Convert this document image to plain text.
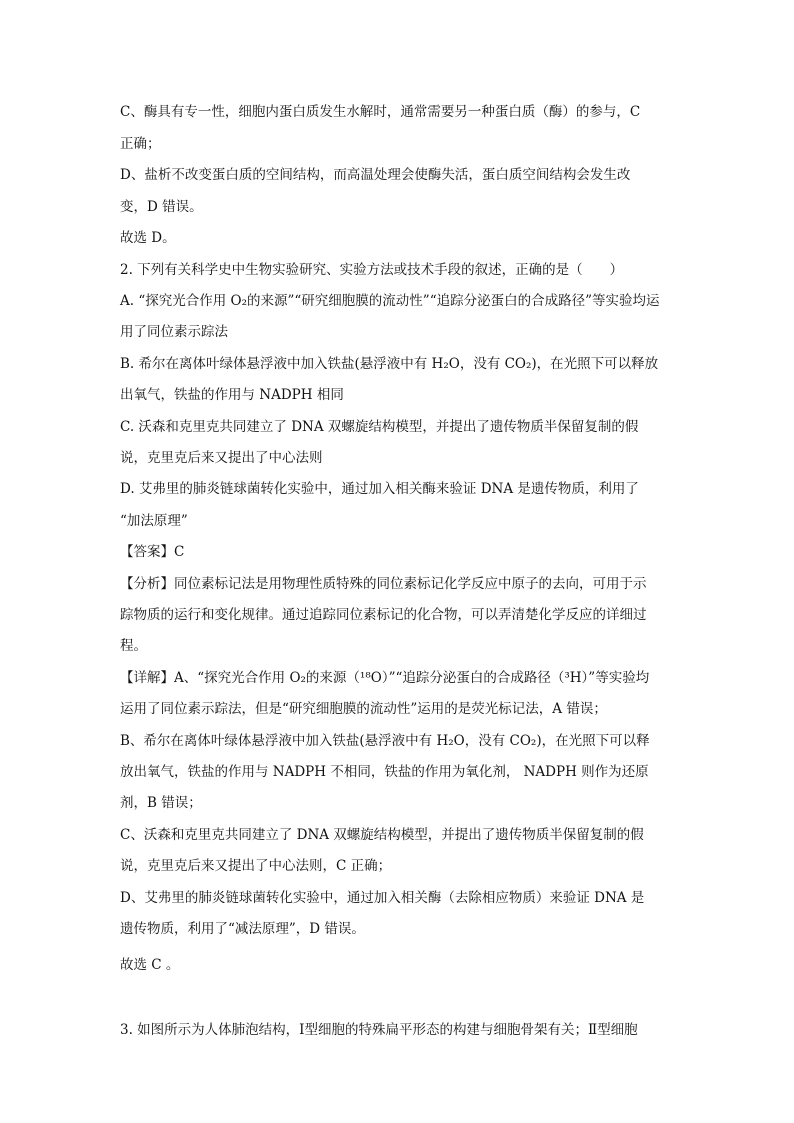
C、酶具有专一性，细胞内蛋白质发生水解时，通常需要另一种蛋白质（酶）的参与，C
正确；
D、盐析不改变蛋白质的空间结构，而高温处理会使酶失活，蛋白质空间结构会发生改
变，D 错误。
故选 D。
2. 下列有关科学史中生物实验研究、实验方法或技术手段的叙述，正确的是（　　）
A. “探究光合作用 O₂的来源”“研究细胞膜的流动性”“追踪分泌蛋白的合成路径”等实验均运
用了同位素示踪法
B. 希尔在离体叶绿体悬浮液中加入铁盐(悬浮液中有 H₂O，没有 CO₂)，在光照下可以释放
出氧气，铁盐的作用与 NADPH 相同
C. 沃森和克里克共同建立了 DNA 双螺旋结构模型，并提出了遗传物质半保留复制的假
说，克里克后来又提出了中心法则
D. 艾弗里的肺炎链球菌转化实验中，通过加入相关酶来验证 DNA 是遗传物质，利用了
“加法原理”
【答案】C
【分析】同位素标记法是用物理性质特殊的同位素标记化学反应中原子的去向，可用于示
踪物质的运行和变化规律。通过追踪同位素标记的化合物，可以弄清楚化学反应的详细过
程。
【详解】A、“探究光合作用 O₂的来源（¹⁸O）”“追踪分泌蛋白的合成路径（³H）”等实验均
运用了同位素示踪法，但是“研究细胞膜的流动性”运用的是荧光标记法，A 错误；
B、希尔在离体叶绿体悬浮液中加入铁盐(悬浮液中有 H₂O，没有 CO₂)，在光照下可以释
放出氧气，铁盐的作用与 NADPH 不相同，铁盐的作用为氧化剂， NADPH 则作为还原
剂，B 错误；
C、沃森和克里克共同建立了 DNA 双螺旋结构模型，并提出了遗传物质半保留复制的假
说，克里克后来又提出了中心法则，C 正确；
D、艾弗里的肺炎链球菌转化实验中，通过加入相关酶（去除相应物质）来验证 DNA 是
遗传物质，利用了“减法原理”，D 错误。
故选 C 。
3. 如图所示为人体肺泡结构，Ⅰ型细胞的特殊扁平形态的构建与细胞骨架有关；Ⅱ型细胞
